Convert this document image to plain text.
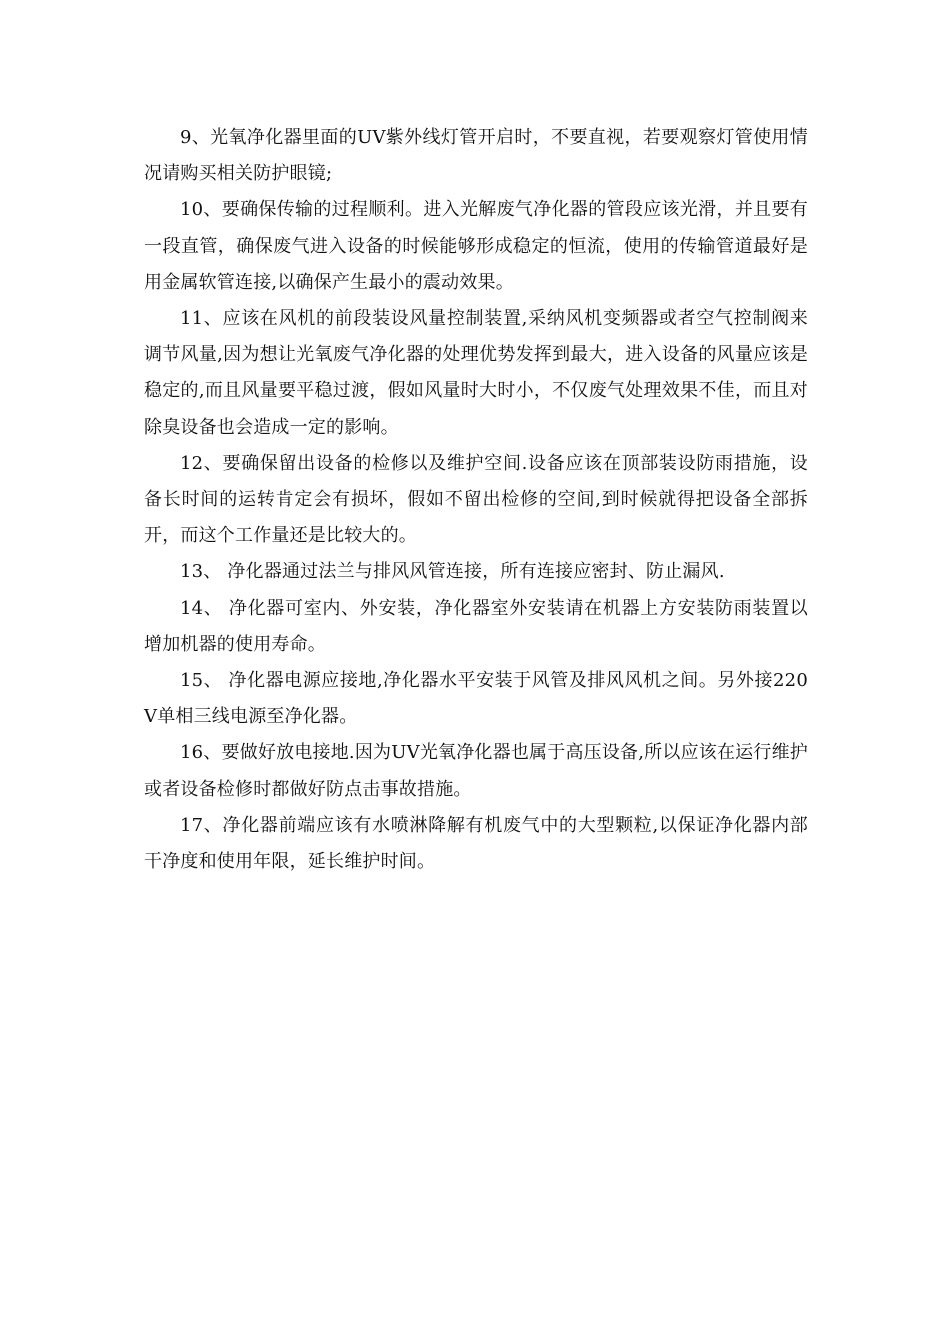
9、光氧净化器里面的UV紫外线灯管开启时，不要直视，若要观察灯管使用情况请购买相关防护眼镜;

10、要确保传输的过程顺利。进入光解废气净化器的管段应该光滑，并且要有一段直管，确保废气进入设备的时候能够形成稳定的恒流，使用的传输管道最好是用金属软管连接,以确保产生最小的震动效果。

11、应该在风机的前段装设风量控制装置,采纳风机变频器或者空气控制阀来调节风量,因为想让光氧废气净化器的处理优势发挥到最大，进入设备的风量应该是稳定的,而且风量要平稳过渡，假如风量时大时小，不仅废气处理效果不佳，而且对除臭设备也会造成一定的影响。

12、要确保留出设备的检修以及维护空间.设备应该在顶部装设防雨措施，设备长时间的运转肯定会有损坏，假如不留出检修的空间,到时候就得把设备全部拆开，而这个工作量还是比较大的。

13、 净化器通过法兰与排风风管连接，所有连接应密封、防止漏风.

14、 净化器可室内、外安装，净化器室外安装请在机器上方安装防雨装置以增加机器的使用寿命。

15、 净化器电源应接地,净化器水平安装于风管及排风风机之间。另外接220V单相三线电源至净化器。

16、要做好放电接地.因为UV光氧净化器也属于高压设备,所以应该在运行维护或者设备检修时都做好防点击事故措施。

17、净化器前端应该有水喷淋降解有机废气中的大型颗粒,以保证净化器内部干净度和使用年限，延长维护时间。
